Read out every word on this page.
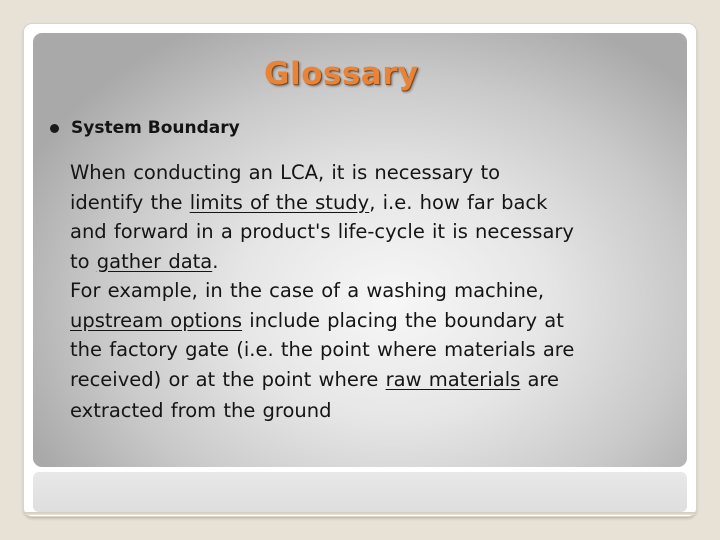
Glossary
System Boundary

When conducting an LCA, it is necessary to
identify the limits of the study, i.e. how far back
and forward in a product's life-cycle it is necessary
to gather data.
For example, in the case of a washing machine,
upstream options include placing the boundary at
the factory gate (i.e. the point where materials are
received) or at the point where raw materials are
extracted from the ground
